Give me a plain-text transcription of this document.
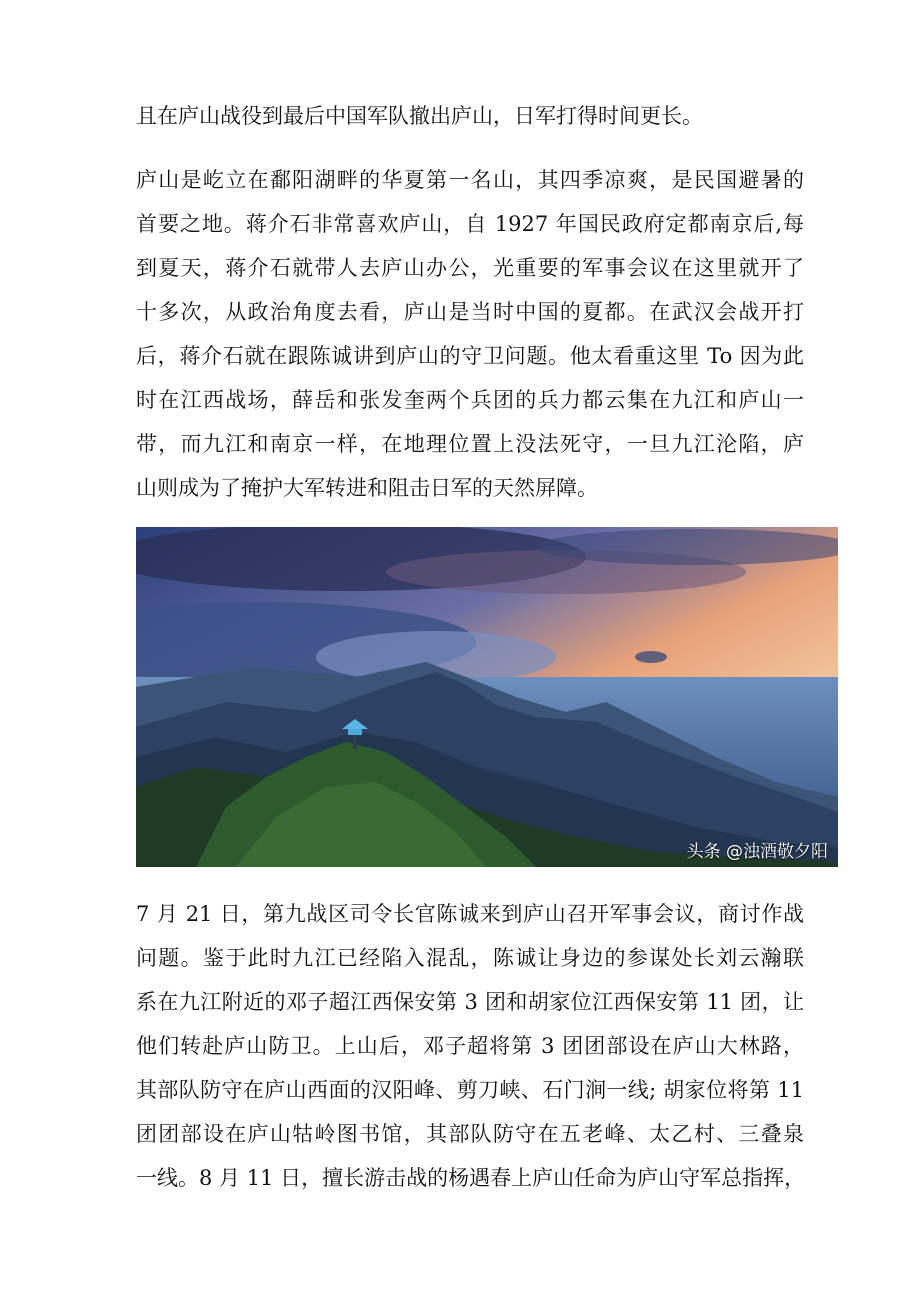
且在庐山战役到最后中国军队撤出庐山，日军打得时间更长。
庐山是屹立在鄱阳湖畔的华夏第一名山，其四季凉爽，是民国避暑的
首要之地。蒋介石非常喜欢庐山，自 1927 年国民政府定都南京后,每
到夏天，蒋介石就带人去庐山办公，光重要的军事会议在这里就开了
十多次，从政治角度去看，庐山是当时中国的夏都。在武汉会战开打
后，蒋介石就在跟陈诚讲到庐山的守卫问题。他太看重这里 To 因为此
时在江西战场，薛岳和张发奎两个兵团的兵力都云集在九江和庐山一
带，而九江和南京一样，在地理位置上没法死守，一旦九江沦陷，庐
山则成为了掩护大军转进和阻击日军的天然屏障。
头条 @浊酒敬夕阳
7 月 21 日，第九战区司令长官陈诚来到庐山召开军事会议，商讨作战
问题。鉴于此时九江已经陷入混乱，陈诚让身边的参谋处长刘云瀚联
系在九江附近的邓子超江西保安第 3 团和胡家位江西保安第 11 团，让
他们转赴庐山防卫。上山后，邓子超将第 3 团团部设在庐山大林路，
其部队防守在庐山西面的汉阳峰、剪刀峡、石门涧一线; 胡家位将第 11
团团部设在庐山牯岭图书馆，其部队防守在五老峰、太乙村、三叠泉
一线。8 月 11 日，擅长游击战的杨遇春上庐山任命为庐山守军总指挥，
